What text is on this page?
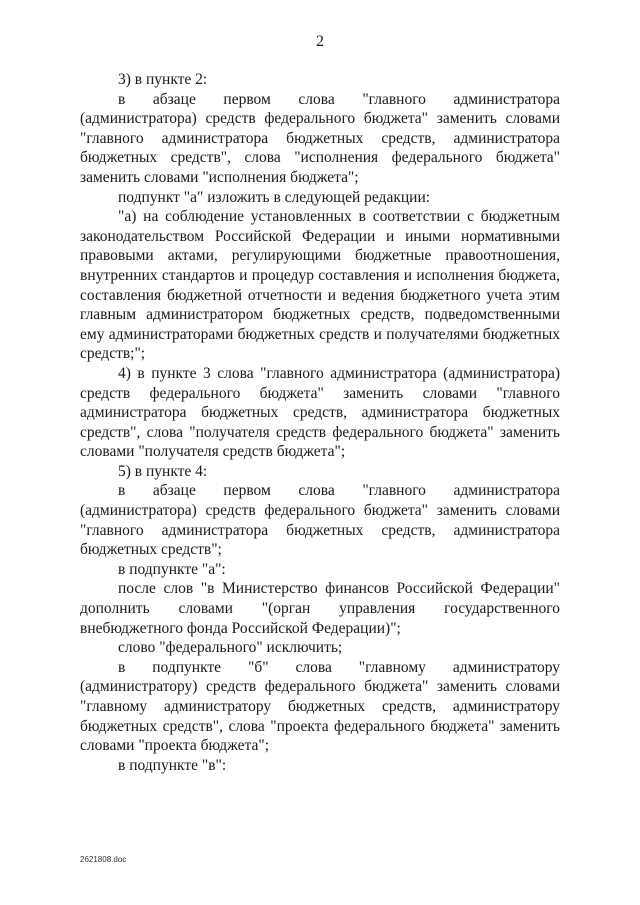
2

3) в пункте 2:

в абзаце первом слова "главного администратора (администратора) средств федерального бюджета" заменить словами "главного администратора бюджетных средств, администратора бюджетных средств", слова "исполнения федерального бюджета" заменить словами "исполнения бюджета";

подпункт "а" изложить в следующей редакции:

"а) на соблюдение установленных в соответствии с бюджетным законодательством Российской Федерации и иными нормативными правовыми актами, регулирующими бюджетные правоотношения, внутренних стандартов и процедур составления и исполнения бюджета, составления бюджетной отчетности и ведения бюджетного учета этим главным администратором бюджетных средств, подведомственными ему администраторами бюджетных средств и получателями бюджетных средств;";

4) в пункте 3 слова "главного администратора (администратора) средств федерального бюджета" заменить словами "главного администратора бюджетных средств, администратора бюджетных средств", слова "получателя средств федерального бюджета" заменить словами "получателя средств бюджета";

5) в пункте 4:

в абзаце первом слова "главного администратора (администратора) средств федерального бюджета" заменить словами "главного администратора бюджетных средств, администратора бюджетных средств";

в подпункте "а":

после слов "в Министерство финансов Российской Федерации" дополнить словами "(орган управления государственного внебюджетного фонда Российской Федерации)";

слово "федерального" исключить;

в подпункте "б" слова "главному администратору (администратору) средств федерального бюджета" заменить словами "главному администратору бюджетных средств, администратору бюджетных средств", слова "проекта федерального бюджета" заменить словами "проекта бюджета";

в подпункте "в":

2621808.doc
